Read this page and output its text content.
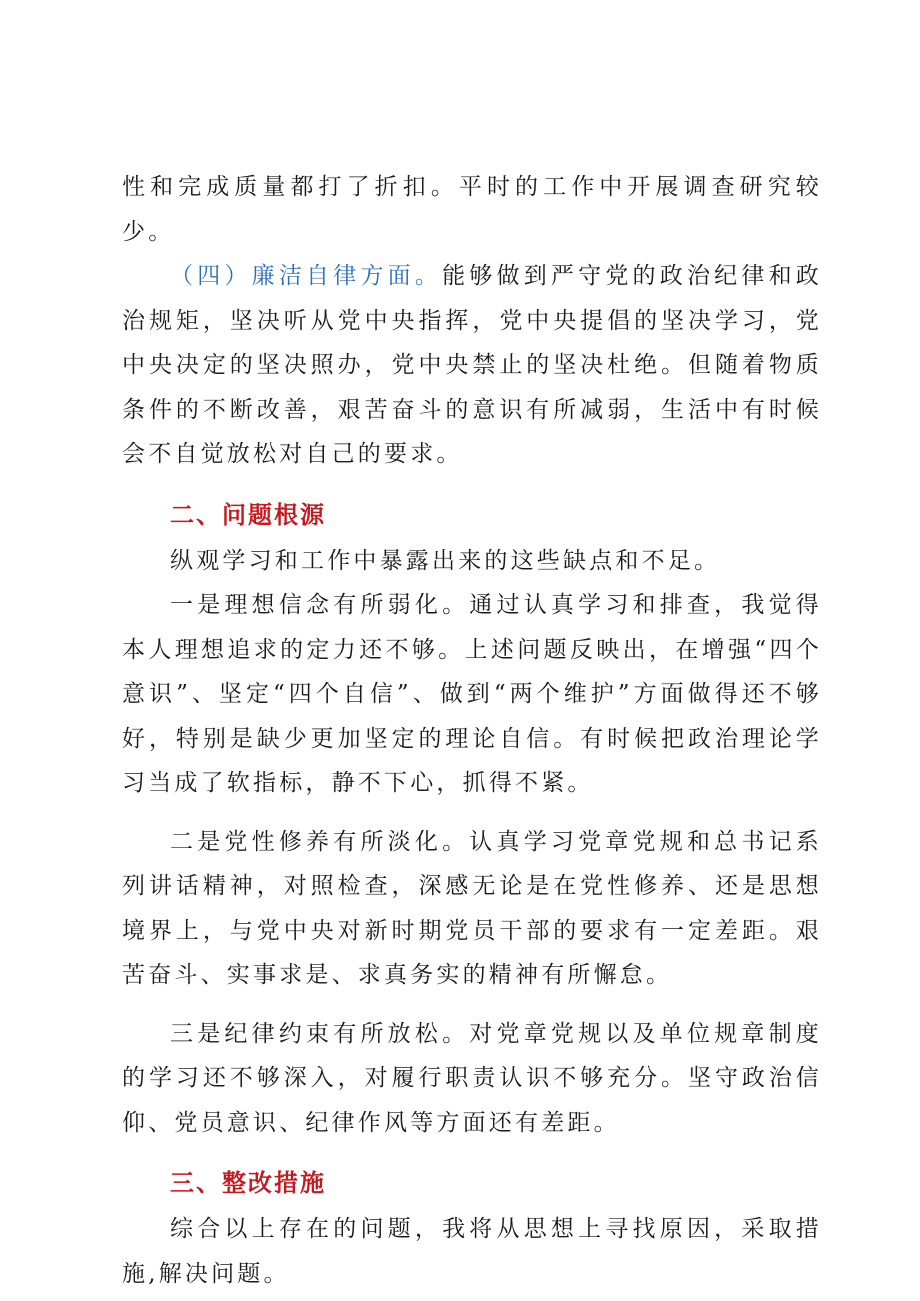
性和完成质量都打了折扣。平时的工作中开展调查研究较少。

（四）廉洁自律方面。能够做到严守党的政治纪律和政治规矩，坚决听从党中央指挥，党中央提倡的坚决学习，党中央决定的坚决照办，党中央禁止的坚决杜绝。但随着物质条件的不断改善，艰苦奋斗的意识有所减弱，生活中有时候会不自觉放松对自己的要求。

二、问题根源

纵观学习和工作中暴露出来的这些缺点和不足。

一是理想信念有所弱化。通过认真学习和排查，我觉得本人理想追求的定力还不够。上述问题反映出，在增强“四个意识”、坚定“四个自信”、做到“两个维护”方面做得还不够好，特别是缺少更加坚定的理论自信。有时候把政治理论学习当成了软指标，静不下心，抓得不紧。

二是党性修养有所淡化。认真学习党章党规和总书记系列讲话精神，对照检查，深感无论是在党性修养、还是思想境界上，与党中央对新时期党员干部的要求有一定差距。艰苦奋斗、实事求是、求真务实的精神有所懈怠。

三是纪律约束有所放松。对党章党规以及单位规章制度的学习还不够深入，对履行职责认识不够充分。坚守政治信仰、党员意识、纪律作风等方面还有差距。

三、整改措施

综合以上存在的问题，我将从思想上寻找原因，采取措施,解决问题。
